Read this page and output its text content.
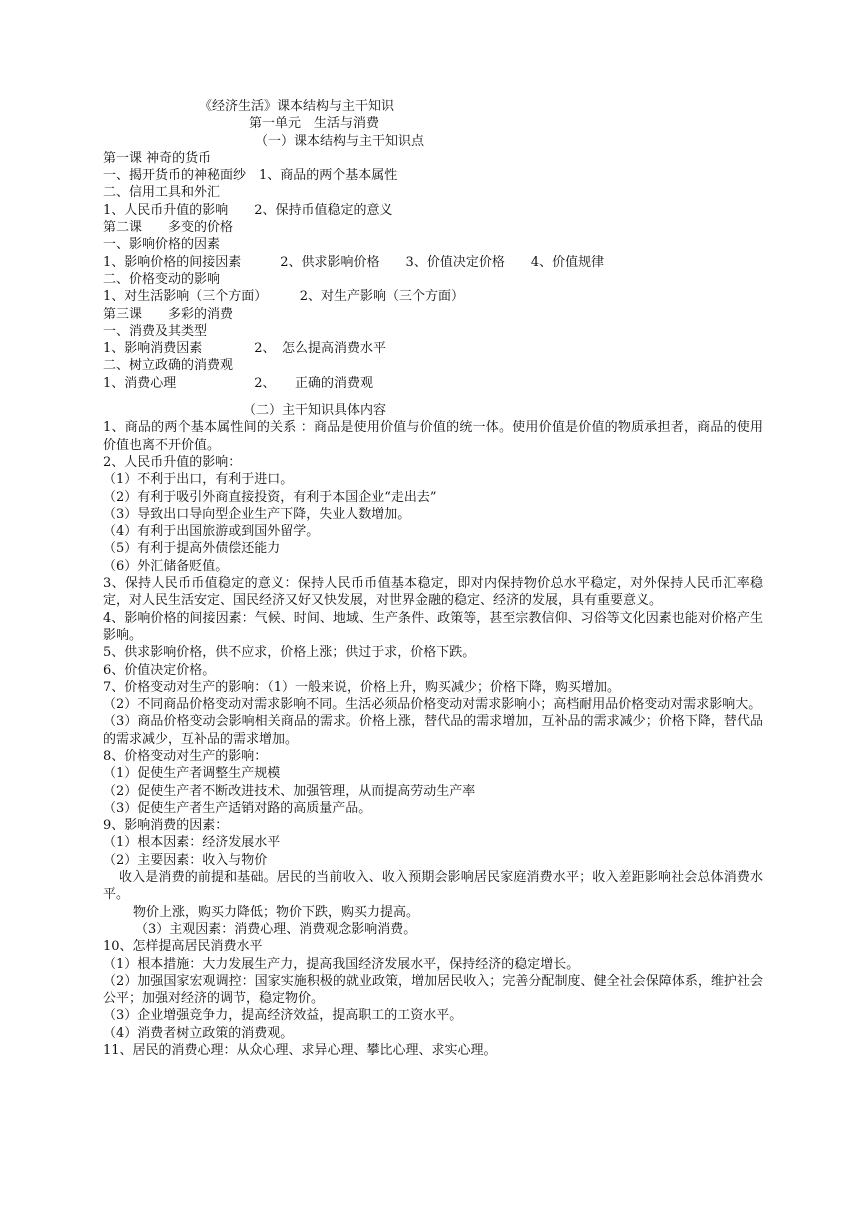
《经济生活》课本结构与主干知识
第一单元　生活与消费
（一）课本结构与主干知识点
第一课 神奇的货币
一、揭开货币的神秘面纱　1、商品的两个基本属性
二、信用工具和外汇
1、人民币升值的影响　　2、保持币值稳定的意义
第二课　　多变的价格
一、影响价格的因素
1、影响价格的间接因素　　　2、供求影响价格　　3、价值决定价格　　4、价值规律
二、价格变动的影响
1、对生活影响（三个方面）　　　2、对生产影响（三个方面）
第三课　　多彩的消费
一、消费及其类型
1、影响消费因素　　　　2、　怎么提高消费水平
二、树立政确的消费观
1、消费心理　　　　　　2、　　正确的消费观
（二）主干知识具体内容
1、商品的两个基本属性间的关系 ：商品是使用价值与价值的统一体。使用价值是价值的物质承担者，商品的使用价值也离不开价值。
2、人民币升值的影响：
（1）不利于出口，有利于进口。
（2）有利于吸引外商直接投资，有利于本国企业“走出去”
（3）导致出口导向型企业生产下降，失业人数增加。
（4）有利于出国旅游或到国外留学。
（5）有利于提高外债偿还能力
（6）外汇储备贬值。
3、保持人民币币值稳定的意义：保持人民币币值基本稳定，即对内保持物价总水平稳定，对外保持人民币汇率稳定，对人民生活安定、国民经济又好又快发展，对世界金融的稳定、经济的发展，具有重要意义。
4、影响价格的间接因素：气候、时间、地域、生产条件、政策等，甚至宗教信仰、习俗等文化因素也能对价格产生影响。
5、供求影响价格，供不应求，价格上涨；供过于求，价格下跌。
6、价值决定价格。
7、价格变动对生产的影响：（1）一般来说，价格上升，购买减少；价格下降，购买增加。
（2）不同商品价格变动对需求影响不同。生活必须品价格变动对需求影响小；高档耐用品价格变动对需求影响大。
（3）商品价格变动会影响相关商品的需求。价格上涨，替代品的需求增加，互补品的需求减少；价格下降，替代品的需求减少，互补品的需求增加。
8、价格变动对生产的影响：
（1）促使生产者调整生产规模
（2）促使生产者不断改进技术、加强管理，从而提高劳动生产率
（3）促使生产者生产适销对路的高质量产品。
9、影响消费的因素：
（1）根本因素：经济发展水平
（2）主要因素：收入与物价
收入是消费的前提和基础。居民的当前收入、收入预期会影响居民家庭消费水平；收入差距影响社会总体消费水平。
物价上涨，购买力降低；物价下跌，购买力提高。
（3）主观因素：消费心理、消费观念影响消费。
10、怎样提高居民消费水平
（1）根本措施：大力发展生产力，提高我国经济发展水平，保持经济的稳定增长。
（2）加强国家宏观调控：国家实施积极的就业政策，增加居民收入；完善分配制度、健全社会保障体系，维护社会公平；加强对经济的调节，稳定物价。
（3）企业增强竞争力，提高经济效益，提高职工的工资水平。
（4）消费者树立政策的消费观。
11、居民的消费心理：从众心理、求异心理、攀比心理、求实心理。
